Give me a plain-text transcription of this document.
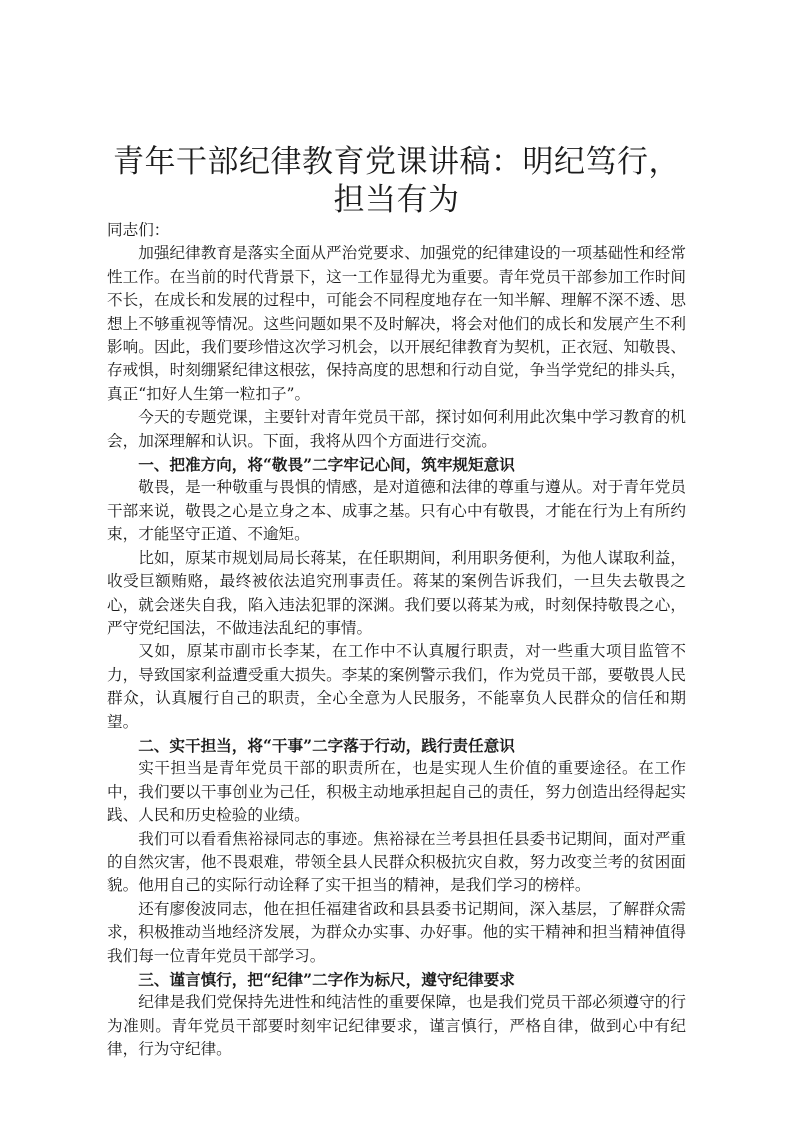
青年干部纪律教育党课讲稿：明纪笃行，担当有为

同志们：

加强纪律教育是落实全面从严治党要求、加强党的纪律建设的一项基础性和经常性工作。在当前的时代背景下，这一工作显得尤为重要。青年党员干部参加工作时间不长，在成长和发展的过程中，可能会不同程度地存在一知半解、理解不深不透、思想上不够重视等情况。这些问题如果不及时解决，将会对他们的成长和发展产生不利影响。因此，我们要珍惜这次学习机会，以开展纪律教育为契机，正衣冠、知敬畏、存戒惧，时刻绷紧纪律这根弦，保持高度的思想和行动自觉，争当学党纪的排头兵，真正“扣好人生第一粒扣子”。

今天的专题党课，主要针对青年党员干部，探讨如何利用此次集中学习教育的机会，加深理解和认识。下面，我将从四个方面进行交流。

一、把准方向，将“敬畏”二字牢记心间，筑牢规矩意识

敬畏，是一种敬重与畏惧的情感，是对道德和法律的尊重与遵从。对于青年党员干部来说，敬畏之心是立身之本、成事之基。只有心中有敬畏，才能在行为上有所约束，才能坚守正道、不逾矩。

比如，原某市规划局局长蒋某，在任职期间，利用职务便利，为他人谋取利益，收受巨额贿赂，最终被依法追究刑事责任。蒋某的案例告诉我们，一旦失去敬畏之心，就会迷失自我，陷入违法犯罪的深渊。我们要以蒋某为戒，时刻保持敬畏之心，严守党纪国法，不做违法乱纪的事情。

又如，原某市副市长李某，在工作中不认真履行职责，对一些重大项目监管不力，导致国家利益遭受重大损失。李某的案例警示我们，作为党员干部，要敬畏人民群众，认真履行自己的职责，全心全意为人民服务，不能辜负人民群众的信任和期望。

二、实干担当，将“干事”二字落于行动，践行责任意识

实干担当是青年党员干部的职责所在，也是实现人生价值的重要途径。在工作中，我们要以干事创业为己任，积极主动地承担起自己的责任，努力创造出经得起实践、人民和历史检验的业绩。

我们可以看看焦裕禄同志的事迹。焦裕禄在兰考县担任县委书记期间，面对严重的自然灾害，他不畏艰难，带领全县人民群众积极抗灾自救，努力改变兰考的贫困面貌。他用自己的实际行动诠释了实干担当的精神，是我们学习的榜样。

还有廖俊波同志，他在担任福建省政和县县委书记期间，深入基层，了解群众需求，积极推动当地经济发展，为群众办实事、办好事。他的实干精神和担当精神值得我们每一位青年党员干部学习。

三、谨言慎行，把“纪律”二字作为标尺，遵守纪律要求

纪律是我们党保持先进性和纯洁性的重要保障，也是我们党员干部必须遵守的行为准则。青年党员干部要时刻牢记纪律要求，谨言慎行，严格自律，做到心中有纪律，行为守纪律。
